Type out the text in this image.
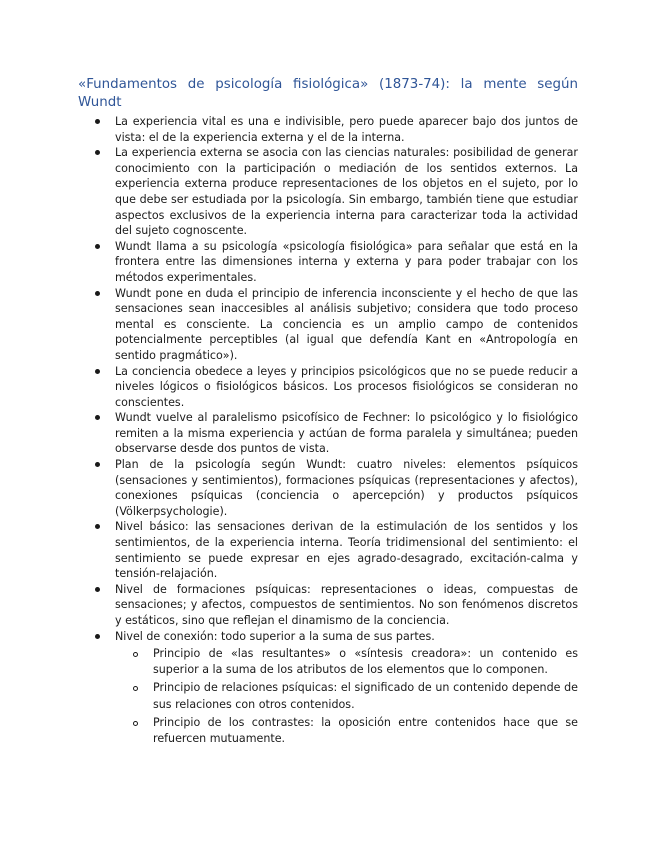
«Fundamentos de psicología fisiológica» (1873-74): la mente según Wundt
La experiencia vital es una e indivisible, pero puede aparecer bajo dos juntos de vista: el de la experiencia externa y el de la interna.
La experiencia externa se asocia con las ciencias naturales: posibilidad de generar conocimiento con la participación o mediación de los sentidos externos. La experiencia externa produce representaciones de los objetos en el sujeto, por lo que debe ser estudiada por la psicología. Sin embargo, también tiene que estudiar aspectos exclusivos de la experiencia interna para caracterizar toda la actividad del sujeto cognoscente.
Wundt llama a su psicología «psicología fisiológica» para señalar que está en la frontera entre las dimensiones interna y externa y para poder trabajar con los métodos experimentales.
Wundt pone en duda el principio de inferencia inconsciente y el hecho de que las sensaciones sean inaccesibles al análisis subjetivo; considera que todo proceso mental es consciente. La conciencia es un amplio campo de contenidos potencialmente perceptibles (al igual que defendía Kant en «Antropología en sentido pragmático»).
La conciencia obedece a leyes y principios psicológicos que no se puede reducir a niveles lógicos o fisiológicos básicos. Los procesos fisiológicos se consideran no conscientes.
Wundt vuelve al paralelismo psicofísico de Fechner: lo psicológico y lo fisiológico remiten a la misma experiencia y actúan de forma paralela y simultánea; pueden observarse desde dos puntos de vista.
Plan de la psicología según Wundt: cuatro niveles: elementos psíquicos (sensaciones y sentimientos), formaciones psíquicas (representaciones y afectos), conexiones psíquicas (conciencia o apercepción) y productos psíquicos (Völkerpsychologie).
Nivel básico: las sensaciones derivan de la estimulación de los sentidos y los sentimientos, de la experiencia interna. Teoría tridimensional del sentimiento: el sentimiento se puede expresar en ejes agrado-desagrado, excitación-calma y tensión-relajación.
Nivel de formaciones psíquicas: representaciones o ideas, compuestas de sensaciones; y afectos, compuestos de sentimientos. No son fenómenos discretos y estáticos, sino que reflejan el dinamismo de la conciencia.
Nivel de conexión: todo superior a la suma de sus partes.
Principio de «las resultantes» o «síntesis creadora»: un contenido es superior a la suma de los atributos de los elementos que lo componen.
Principio de relaciones psíquicas: el significado de un contenido depende de sus relaciones con otros contenidos.
Principio de los contrastes: la oposición entre contenidos hace que se refuercen mutuamente.
